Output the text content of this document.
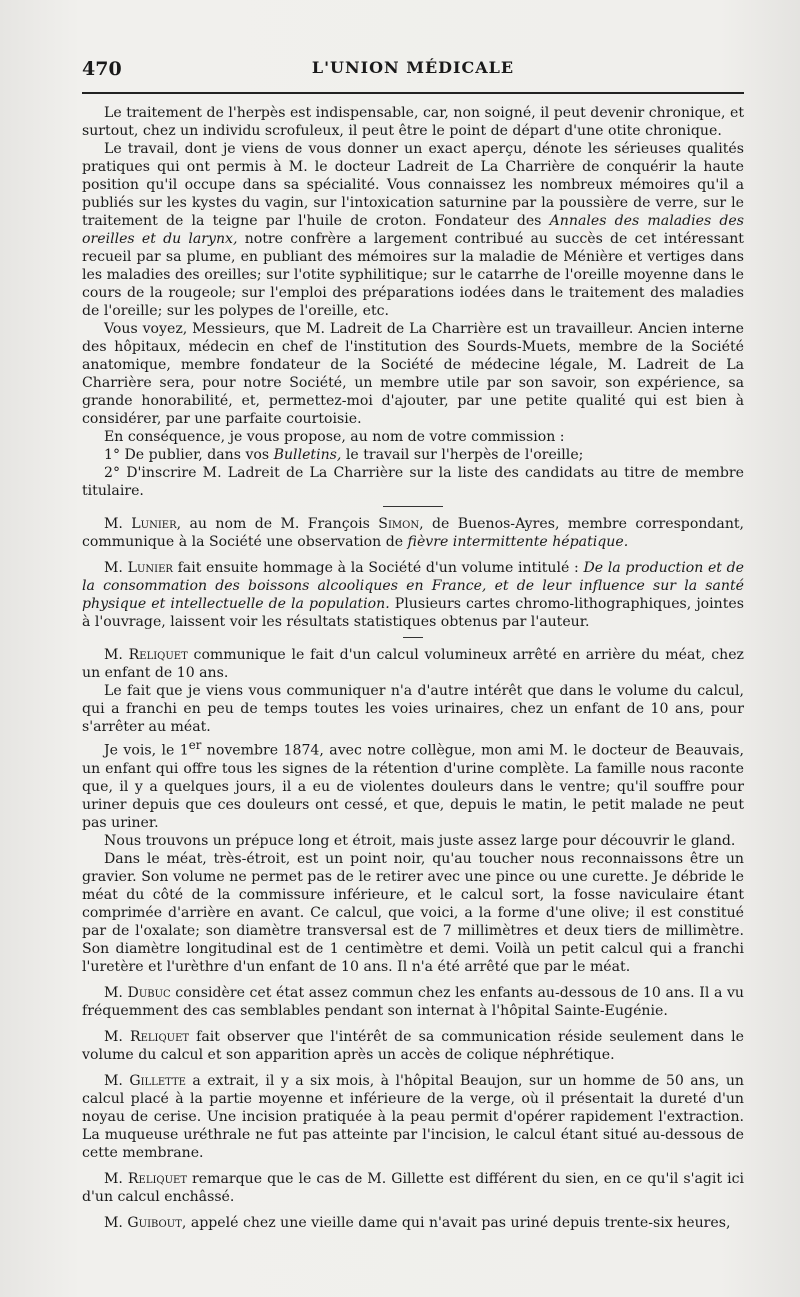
470	L'UNION MÉDICALE

Le traitement de l'herpès est indispensable, car, non soigné, il peut devenir chronique, et surtout, chez un individu scrofuleux, il peut être le point de départ d'une otite chronique.

Le travail, dont je viens de vous donner un exact aperçu, dénote les sérieuses qualités pratiques qui ont permis à M. le docteur Ladreit de La Charrière de conquérir la haute position qu'il occupe dans sa spécialité. Vous connaissez les nombreux mémoires qu'il a publiés sur les kystes du vagin, sur l'intoxication saturnine par la poussière de verre, sur le traitement de la teigne par l'huile de croton. Fondateur des Annales des maladies des oreilles et du larynx, notre confrère a largement contribué au succès de cet intéressant recueil par sa plume, en publiant des mémoires sur la maladie de Ménière et vertiges dans les maladies des oreilles; sur l'otite syphilitique; sur le catarrhe de l'oreille moyenne dans le cours de la rougeole; sur l'emploi des préparations iodées dans le traitement des maladies de l'oreille; sur les polypes de l'oreille, etc.

Vous voyez, Messieurs, que M. Ladreit de La Charrière est un travailleur. Ancien interne des hôpitaux, médecin en chef de l'institution des Sourds-Muets, membre de la Société anatomique, membre fondateur de la Société de médecine légale, M. Ladreit de La Charrière sera, pour notre Société, un membre utile par son savoir, son expérience, sa grande honorabilité, et, permettez-moi d'ajouter, par une petite qualité qui est bien à considérer, par une parfaite courtoisie.

En conséquence, je vous propose, au nom de votre commission :

1° De publier, dans vos Bulletins, le travail sur l'herpès de l'oreille;

2° D'inscrire M. Ladreit de La Charrière sur la liste des candidats au titre de membre titulaire.

M. Lunier, au nom de M. François Simon, de Buenos-Ayres, membre correspondant, communique à la Société une observation de fièvre intermittente hépatique.

M. Lunier fait ensuite hommage à la Société d'un volume intitulé : De la production et de la consommation des boissons alcooliques en France, et de leur influence sur la santé physique et intellectuelle de la population. Plusieurs cartes chromo-lithographiques, jointes à l'ouvrage, laissent voir les résultats statistiques obtenus par l'auteur.

M. Reliquet communique le fait d'un calcul volumineux arrêté en arrière du méat, chez un enfant de 10 ans.

Le fait que je viens vous communiquer n'a d'autre intérêt que dans le volume du calcul, qui a franchi en peu de temps toutes les voies urinaires, chez un enfant de 10 ans, pour s'arrêter au méat.

Je vois, le 1er novembre 1874, avec notre collègue, mon ami M. le docteur de Beauvais, un enfant qui offre tous les signes de la rétention d'urine complète. La famille nous raconte que, il y a quelques jours, il a eu de violentes douleurs dans le ventre; qu'il souffre pour uriner depuis que ces douleurs ont cessé, et que, depuis le matin, le petit malade ne peut pas uriner.

Nous trouvons un prépuce long et étroit, mais juste assez large pour découvrir le gland.

Dans le méat, très-étroit, est un point noir, qu'au toucher nous reconnaissons être un gravier. Son volume ne permet pas de le retirer avec une pince ou une curette. Je débride le méat du côté de la commissure inférieure, et le calcul sort, la fosse naviculaire étant comprimée d'arrière en avant. Ce calcul, que voici, a la forme d'une olive; il est constitué par de l'oxalate; son diamètre transversal est de 7 millimètres et deux tiers de millimètre. Son diamètre longitudinal est de 1 centimètre et demi. Voilà un petit calcul qui a franchi l'uretère et l'urèthre d'un enfant de 10 ans. Il n'a été arrêté que par le méat.

M. Dubuc considère cet état assez commun chez les enfants au-dessous de 10 ans. Il a vu fréquemment des cas semblables pendant son internat à l'hôpital Sainte-Eugénie.

M. Reliquet fait observer que l'intérêt de sa communication réside seulement dans le volume du calcul et son apparition après un accès de colique néphrétique.

M. Gillette a extrait, il y a six mois, à l'hôpital Beaujon, sur un homme de 50 ans, un calcul placé à la partie moyenne et inférieure de la verge, où il présentait la dureté d'un noyau de cerise. Une incision pratiquée à la peau permit d'opérer rapidement l'extraction. La muqueuse uréthrale ne fut pas atteinte par l'incision, le calcul étant situé au-dessous de cette membrane.

M. Reliquet remarque que le cas de M. Gillette est différent du sien, en ce qu'il s'agit ici d'un calcul enchâssé.

M. Guibout, appelé chez une vieille dame qui n'avait pas uriné depuis trente-six heures,
